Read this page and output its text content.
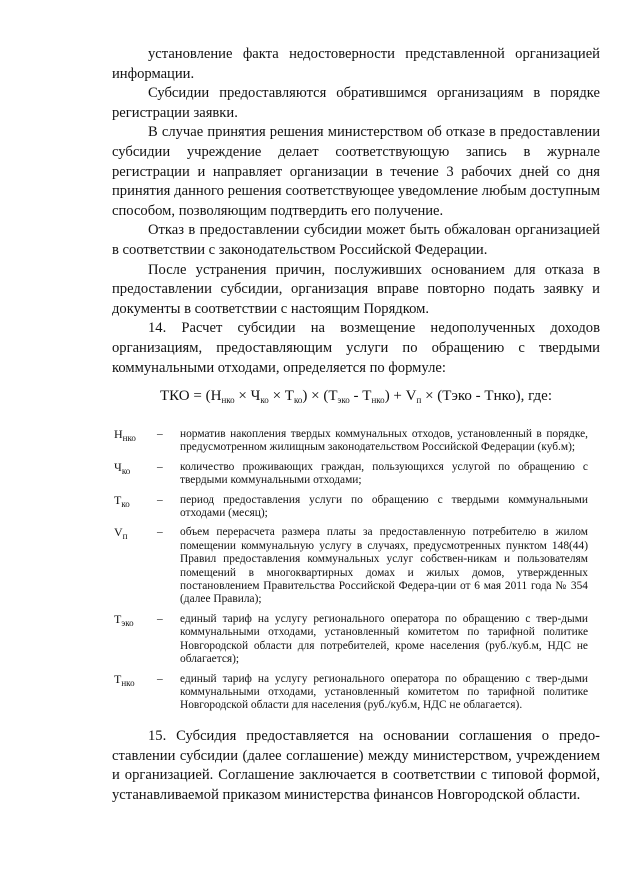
установление факта недостоверности представленной организацией информации.

Субсидии предоставляются обратившимся организациям в порядке регистрации заявки.

В случае принятия решения министерством об отказе в предоставлении субсидии учреждение делает соответствующую запись в журнале регистрации и направляет организации в течение 3 рабочих дней со дня принятия данного решения соответствующее уведомление любым доступным способом, позволяющим подтвердить его получение.

Отказ в предоставлении субсидии может быть обжалован организацией в соответствии с законодательством Российской Федерации.

После устранения причин, послуживших основанием для отказа в предоставлении субсидии, организация вправе повторно подать заявку и документы в соответствии с настоящим Порядком.

14. Расчет субсидии на возмещение недополученных доходов организациям, предоставляющим услуги по обращению с твердыми коммунальными отходами, определяется по формуле:

ТКО = $(Н_{нко} \times Ч_{ко} \times Т_{ко}) \times (Т_{эко} - Т_{нко}) + V_п$ × (Тэко - Тнко), где:
$Н_{нко}$ – норматив накопления твердых коммунальных отходов, установленный в порядке, предусмотренном жилищным законодательством Российской Федерации (куб.м);
$Ч_{ко}$ – количество проживающих граждан, пользующихся услугой по обращению с твердыми коммунальными отходами;
$Т_{ко}$ – период предоставления услуги по обращению с твердыми коммунальными отходами (месяц);
$V_п$	– объем перерасчета размера платы за предоставленную потребителю в жилом помещении коммунальную услугу в случаях, предусмотренных пунктом 148(44) Правил предоставления коммунальных услуг собствен-никам и пользователям помещений в многоквартирных домах и жилых домов, утвержденных постановлением Правительства Российской Федера-ции от 6 мая 2011 года № 354 (далее Правила);
$Т_{эко}$ – единый тариф на услугу регионального оператора по обращению с твер-дыми коммунальными отходами, установленный комитетом по тарифной политике Новгородской области для потребителей, кроме населения (руб./куб.м, НДС не облагается);
$Т_{нко}$ – единый тариф на услугу регионального оператора по обращению с твер-дыми коммунальными отходами, установленный комитетом по тарифной политике Новгородской области для населения (руб./куб.м, НДС не облагается).

15. Субсидия предоставляется на основании соглашения о предо-ставлении субсидии (далее соглашение) между министерством, учреждением и организацией. Соглашение заключается в соответствии с типовой формой, устанавливаемой приказом министерства финансов Новгородской области.
